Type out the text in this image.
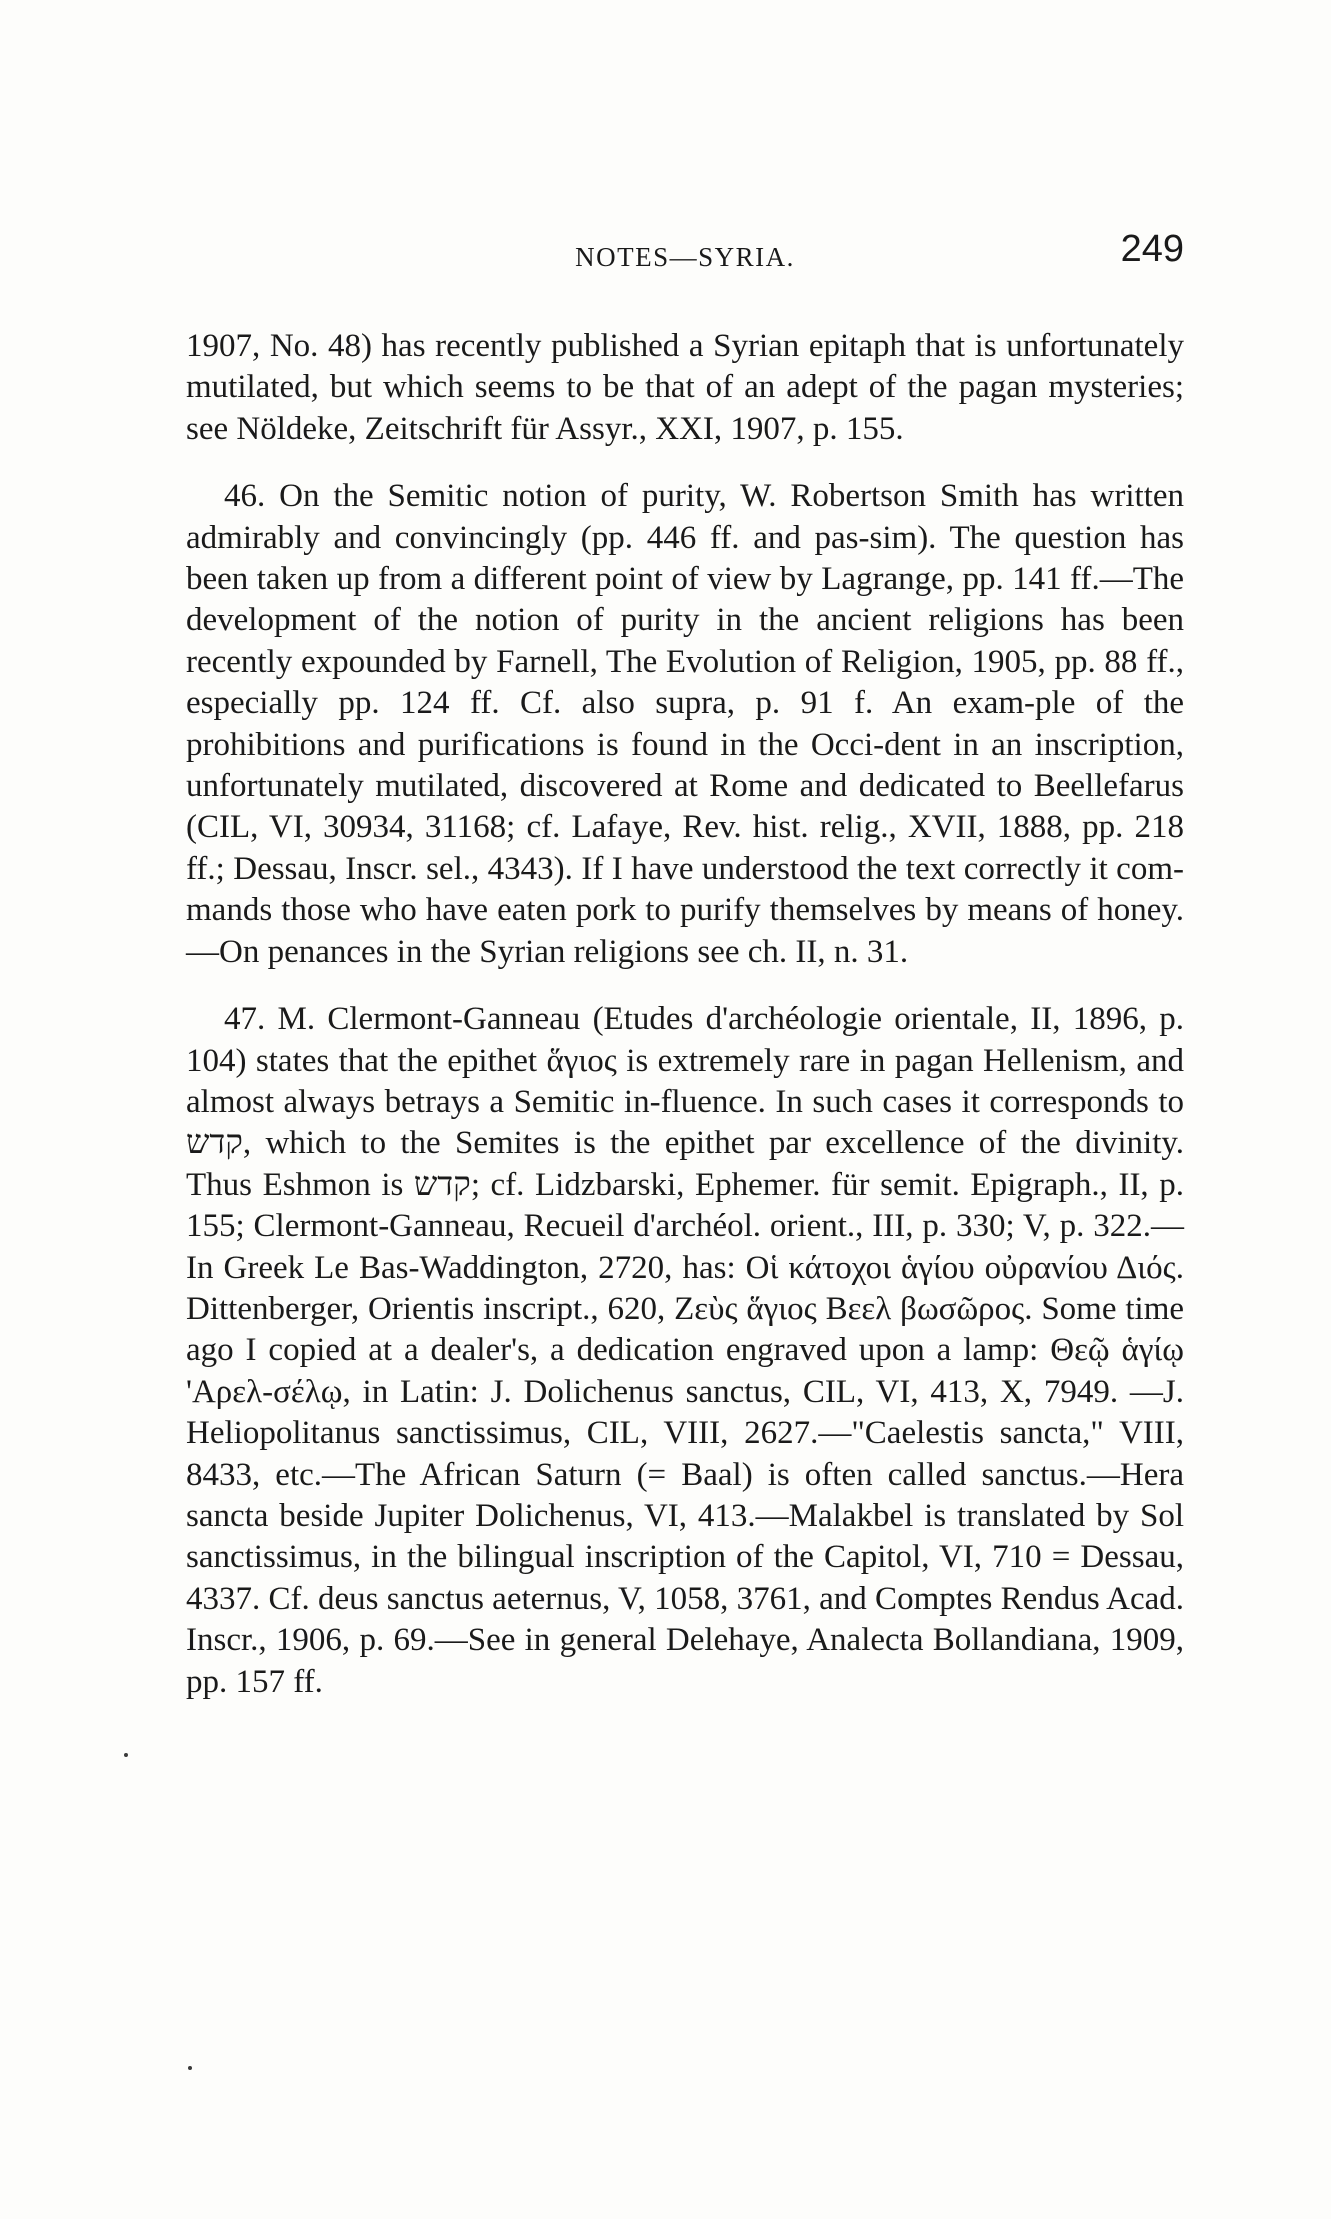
NOTES—SYRIA.	249

1907, No. 48) has recently published a Syrian epitaph that is unfortunately mutilated, but which seems to be that of an adept of the pagan mysteries; see Nöldeke, Zeitschrift für Assyr., XXI, 1907, p. 155.

46. On the Semitic notion of purity, W. Robertson Smith has written admirably and convincingly (pp. 446 ff. and pas-sim). The question has been taken up from a different point of view by Lagrange, pp. 141 ff.—The development of the notion of purity in the ancient religions has been recently expounded by Farnell, The Evolution of Religion, 1905, pp. 88 ff., especially pp. 124 ff. Cf. also supra, p. 91 f. An exam-ple of the prohibitions and purifications is found in the Occi-dent in an inscription, unfortunately mutilated, discovered at Rome and dedicated to Beellefarus (CIL, VI, 30934, 31168; cf. Lafaye, Rev. hist. relig., XVII, 1888, pp. 218 ff.; Dessau, Inscr. sel., 4343). If I have understood the text correctly it com-mands those who have eaten pork to purify themselves by means of honey.—On penances in the Syrian religions see ch. II, n. 31.

47. M. Clermont-Ganneau (Etudes d'archéologie orientale, II, 1896, p. 104) states that the epithet ἅγιος is extremely rare in pagan Hellenism, and almost always betrays a Semitic in-fluence. In such cases it corresponds to קדש, which to the Semites is the epithet par excellence of the divinity. Thus Eshmon is קדש; cf. Lidzbarski, Ephemer. für semit. Epigraph., II, p. 155; Clermont-Ganneau, Recueil d'archéol. orient., III, p. 330; V, p. 322.—In Greek Le Bas-Waddington, 2720, has: Οἱ κάτοχοι ἁγίου οὐρανίου Διός. Dittenberger, Orientis inscript., 620, Ζεὺς ἅγιος Βεελ βωσῶρος. Some time ago I copied at a dealer's, a dedication engraved upon a lamp: Θεῷ ἁγίῳ 'Αρελ-σέλῳ, in Latin: J. Dolichenus sanctus, CIL, VI, 413, X, 7949. —J. Heliopolitanus sanctissimus, CIL, VIII, 2627.—"Caelestis sancta," VIII, 8433, etc.—The African Saturn (= Baal) is often called sanctus.—Hera sancta beside Jupiter Dolichenus, VI, 413.—Malakbel is translated by Sol sanctissimus, in the bilingual inscription of the Capitol, VI, 710 = Dessau, 4337. Cf. deus sanctus aeternus, V, 1058, 3761, and Comptes Rendus Acad. Inscr., 1906, p. 69.—See in general Delehaye, Analecta Bollandiana, 1909, pp. 157 ff.
